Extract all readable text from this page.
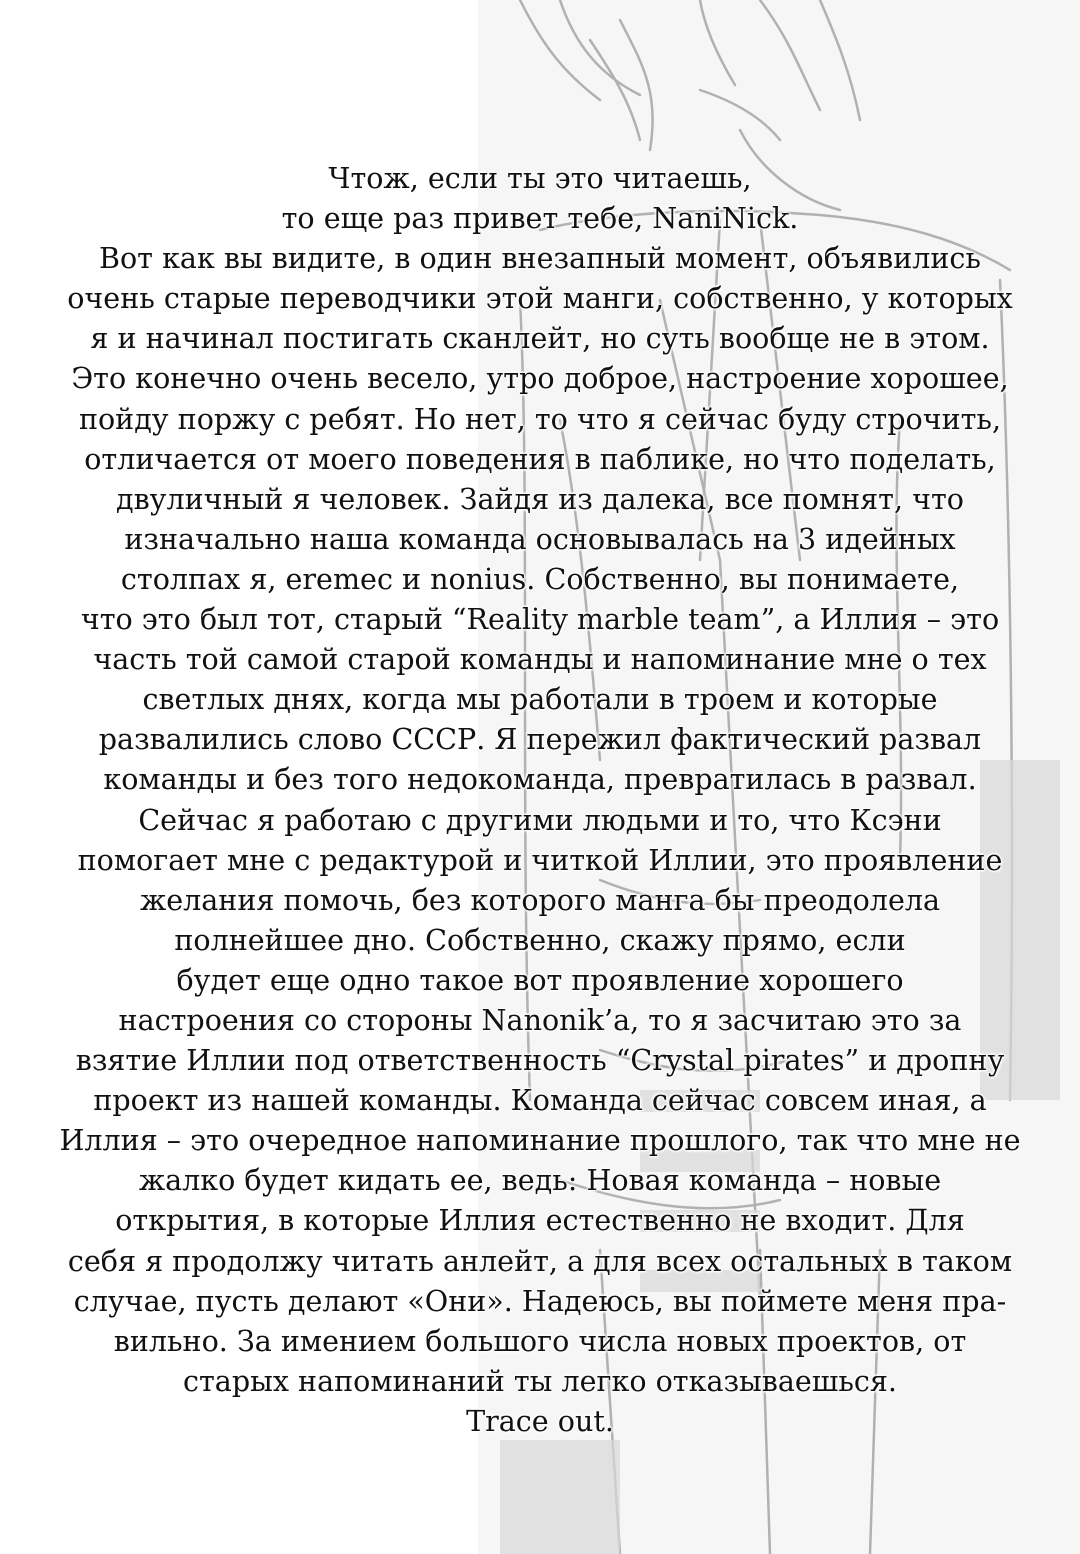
Чтож, если ты это читаешь,
то еще раз привет тебе, NaniNick.
Вот как вы видите, в один внезапный момент, объявились
очень старые переводчики этой манги, собственно, у которых
я и начинал постигать сканлейт, но суть вообще не в этом.
Это конечно очень весело, утро доброе, настроение хорошее,
пойду поржу с ребят. Но нет, то что я сейчас буду строчить,
отличается от моего поведения в паблике, но что поделать,
двуличный я человек. Зайдя из далека, все помнят, что
изначально наша команда основывалась на 3 идейных
столпах я, eremec и nonius. Собственно, вы понимаете,
что это был тот, старый “Reality marble team”, а Иллия – это
часть той самой старой команды и напоминание мне о тех
светлых днях, когда мы работали в троем и которые
развалились слово СССР. Я пережил фактический развал
команды и без того недокоманда, превратилась в развал.
Сейчас я работаю с другими людьми и то, что Ксэни
помогает мне с редактурой и читкой Иллии, это проявление
желания помочь, без которого манга бы преодолела
полнейшее дно. Собственно, скажу прямо, если
будет еще одно такое вот проявление хорошего
настроения со стороны Nanonik’a, то я засчитаю это за
взятие Иллии под ответственность “Crystal pirates” и дропну
проект из нашей команды. Команда сейчас совсем иная, а
Иллия – это очередное напоминание прошлого, так что мне не
жалко будет кидать ее, ведь: Новая команда – новые
открытия, в которые Иллия естественно не входит. Для
себя я продолжу читать анлейт, а для всех остальных в таком
случае, пусть делают «Они». Надеюсь, вы поймете меня пра-
вильно. За имением большого числа новых проектов, от
старых напоминаний ты легко отказываешься.
Trace out.
